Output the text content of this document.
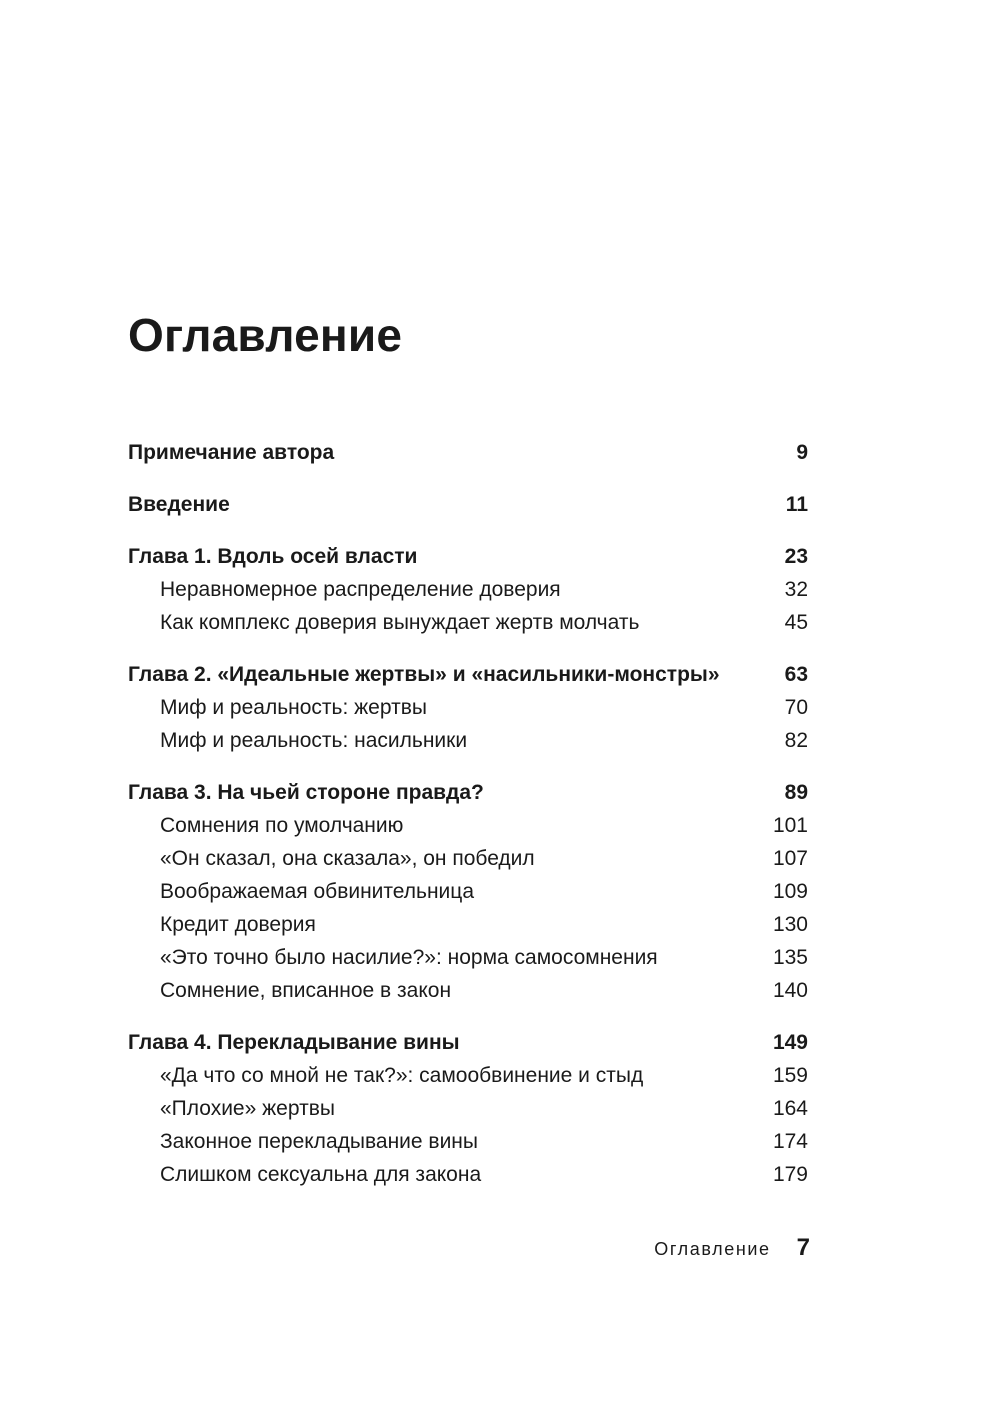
Оглавление
Примечание автора	9
Введение	11
Глава 1. Вдоль осей власти	23
Неравномерное распределение доверия	32
Как комплекс доверия вынуждает жертв молчать	45
Глава 2. «Идеальные жертвы» и «насильники-монстры»	63
Миф и реальность: жертвы	70
Миф и реальность: насильники	82
Глава 3. На чьей стороне правда?	89
Сомнения по умолчанию	101
«Он сказал, она сказала», он победил	107
Воображаемая обвинительница	109
Кредит доверия	130
«Это точно было насилие?»: норма самосомнения	135
Сомнение, вписанное в закон	140
Глава 4. Перекладывание вины	149
«Да что со мной не так?»: самообвинение и стыд	159
«Плохие» жертвы	164
Законное перекладывание вины	174
Слишком сексуальна для закона	179
Оглавление 7
